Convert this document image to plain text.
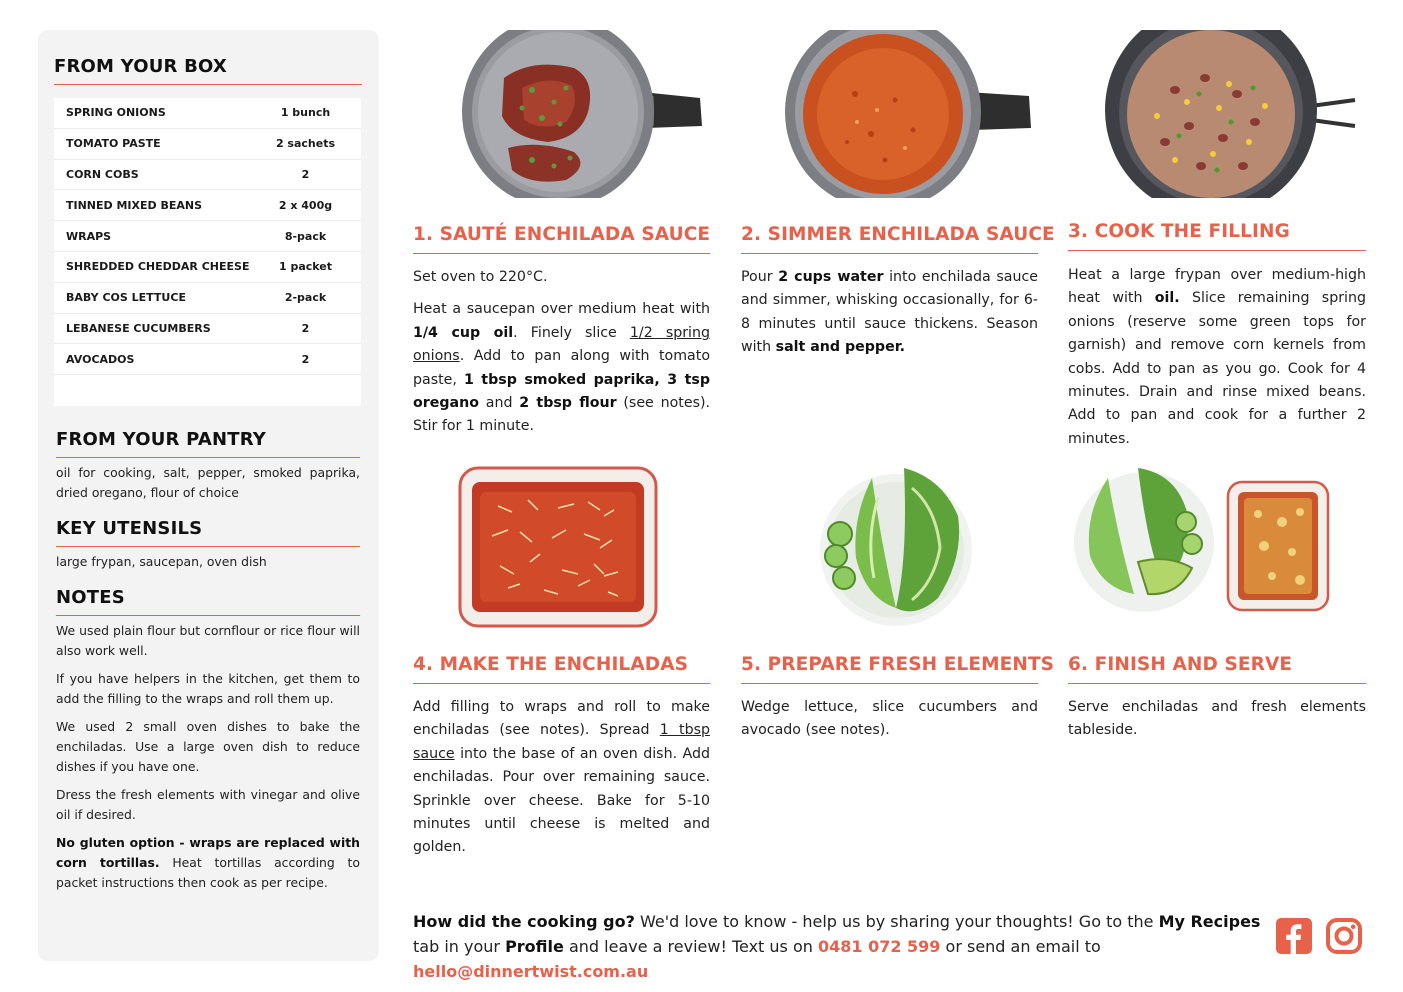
FROM YOUR BOX
SPRING ONIONS	1 bunch
TOMATO PASTE	2 sachets
CORN COBS	2
TINNED MIXED BEANS	2 x 400g
WRAPS	8-pack
SHREDDED CHEDDAR CHEESE	1 packet
BABY COS LETTUCE	2-pack
LEBANESE CUCUMBERS	2
AVOCADOS	2
FROM YOUR PANTRY
oil for cooking, salt, pepper, smoked paprika, dried oregano, flour of choice
KEY UTENSILS
large frypan, saucepan, oven dish
NOTES

We used plain flour but cornflour or rice flour will also work well.

If you have helpers in the kitchen, get them to add the filling to the wraps and roll them up.

We used 2 small oven dishes to bake the enchiladas. Use a large oven dish to reduce dishes if you have one.

Dress the fresh elements with vinegar and olive oil if desired.

No gluten option - wraps are replaced with corn tortillas. Heat tortillas according to packet instructions then cook as per recipe.

1. SAUTÉ ENCHILADA SAUCE

Set oven to 220°C.

Heat a saucepan over medium heat with 1/4 cup oil. Finely slice 1/2 spring onions. Add to pan along with tomato paste, 1 tbsp smoked paprika, 3 tsp oregano and 2 tbsp flour (see notes). Stir for 1 minute.

2. SIMMER ENCHILADA SAUCE

Pour 2 cups water into enchilada sauce and simmer, whisking occasionally, for 6-8 minutes until sauce thickens. Season with salt and pepper.

3. COOK THE FILLING

Heat a large frypan over medium-high heat with oil. Slice remaining spring onions (reserve some green tops for garnish) and remove corn kernels from cobs. Add to pan as you go. Cook for 4 minutes. Drain and rinse mixed beans. Add to pan and cook for a further 2 minutes.

4. MAKE THE ENCHILADAS

Add filling to wraps and roll to make enchiladas (see notes). Spread 1 tbsp sauce into the base of an oven dish. Add enchiladas. Pour over remaining sauce. Sprinkle over cheese. Bake for 5-10 minutes until cheese is melted and golden.

5. PREPARE FRESH ELEMENTS

Wedge lettuce, slice cucumbers and avocado (see notes).

6. FINISH AND SERVE

Serve enchiladas and fresh elements tableside.

How did the cooking go? We'd love to know - help us by sharing your thoughts! Go to the My Recipes tab in your Profile and leave a review! Text us on 0481 072 599 or send an email to hello@dinnertwist.com.au
